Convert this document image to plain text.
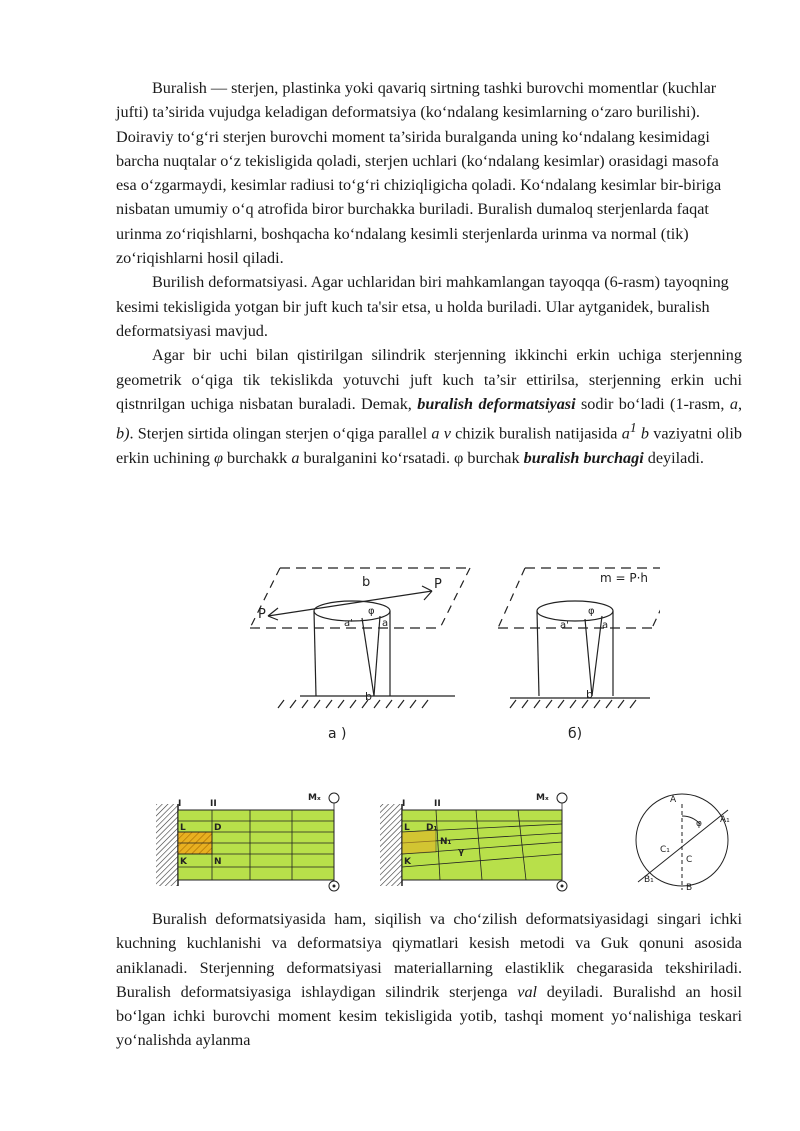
Buralish — sterjen, plastinka yoki qavariq sirtning tashki burovchi momentlar (kuchlar jufti) ta’sirida vujudga keladigan deformatsiya (ko‘ndalang kesimlarning o‘zaro burilishi). Doiraviy to‘g‘ri sterjen burovchi moment ta’sirida buralganda uning ko‘ndalang kesimidagi barcha nuqtalar o‘z tekisligida qoladi, sterjen uchlari (ko‘ndalang kesimlar) orasidagi masofa esa o‘zgarmaydi, kesimlar radiusi to‘g‘ri chiziqligicha qoladi. Ko‘ndalang kesimlar bir-biriga nisbatan umumiy o‘q atrofida biror burchakka buriladi. Buralish dumaloq sterjenlarda faqat urinma zo‘riqishlarni, boshqacha ko‘ndalang kesimli sterjenlarda urinma va normal (tik) zo‘riqishlarni hosil qiladi.

Burilish deformatsiyasi. Agar uchlaridan biri mahkamlangan tayoqqa (6-rasm) tayoqning kesimi tekisligida yotgan bir juft kuch ta'sir etsa, u holda buriladi. Ular aytganidek, buralish deformatsiyasi mavjud.

Agar bir uchi bilan qistirilgan silindrik sterjenning ikkinchi erkin uchiga sterjenning geometrik o‘qiga tik tekislikda yotuvchi juft kuch ta’sir ettirilsa, sterjenning erkin uchi qistnrilgan uchiga nisbatan buraladi. Demak, buralish deformatsiyasi sodir bo‘ladi (1-rasm, a, b). Sterjen sirtida olingan sterjen o‘qiga parallel a v chizik buralish natijasida $a^1$ b vaziyatni olib erkin uchining φ burchakk a buralganini ko‘rsatadi. φ burchak buralish burchagi deyiladi.

b
P
P
φ
a'	a
b
a )
m = P·h
φ
a'	a
b
б)
I	II
L	D
K	N
Mₓ
I	II
L D₁
N₁
K
γ
Mₓ	A
A₁
φ
C₁
C
B₁
B

Buralish deformatsiyasida ham, siqilish va cho‘zilish deformatsiyasidagi singari ichki kuchning kuchlanishi va deformatsiya qiymatlari kesish metodi va Guk qonuni asosida aniklanadi. Sterjenning deformatsiyasi materiallarning elastiklik chegarasida tekshiriladi. Buralish deformatsiyasiga ishlaydigan silindrik sterjenga val deyiladi. Buralishd an hosil bo‘lgan ichki burovchi moment kesim tekisligida yotib, tashqi moment yo‘nalishiga teskari yo‘nalishda aylanma
